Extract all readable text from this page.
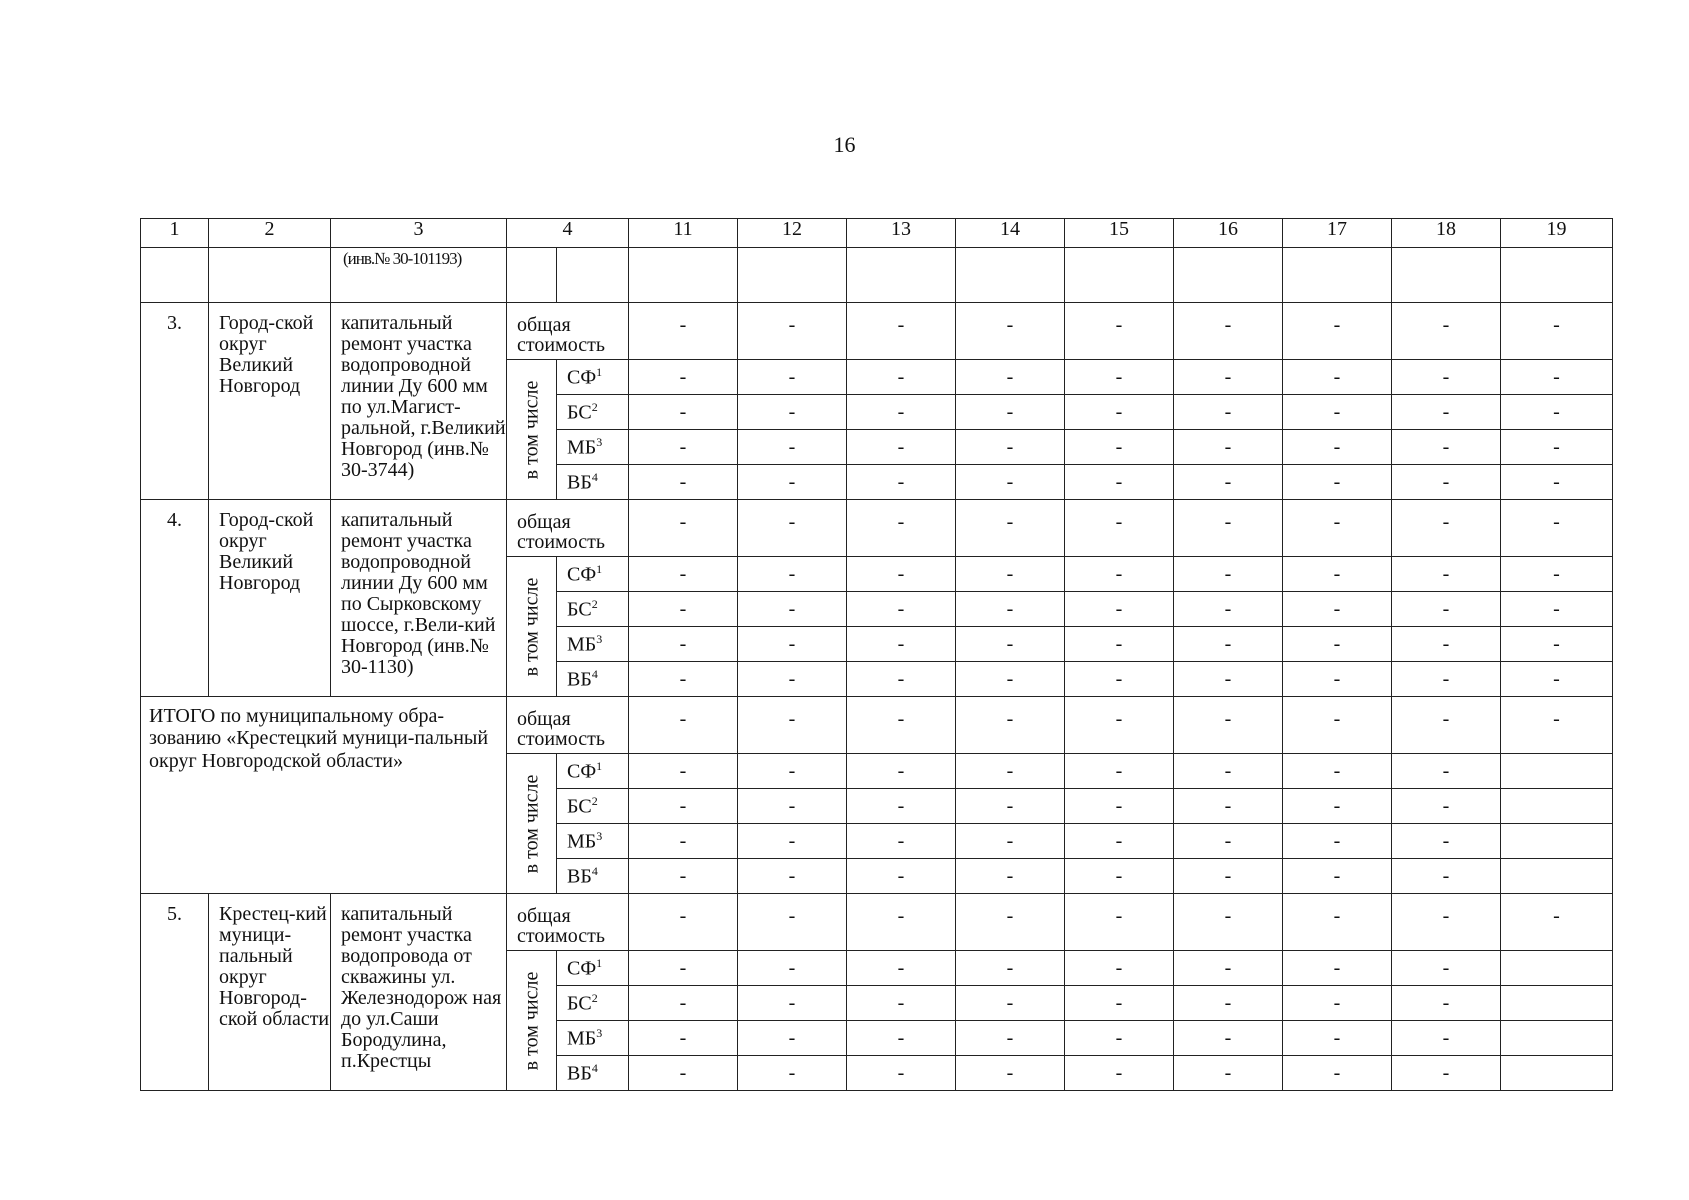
16
1	2	3	4		11	12	13	14	15	16	17	18	19
		(инв.№ 30-101193)											
3.	Город-ской округ Великий Новгород	капитальный ремонт участка водопроводной линии Ду 600 мм по ул.Магист-ральной, г.Великий Новгород (инв.№ 30-3744)	общая стоимость		-	-	-	-	-	-	-	-	-

			в том числе	$СФ^1$	-	-	-	-	-	-	-	-	-
				$БС^2$	-	-	-	-	-	-	-	-	-
				$МБ^3$	-	-	-	-	-	-	-	-	-
				$ВБ^4$	-	-	-	-	-	-	-	-	-
4.	Город-ской округ Великий Новгород	капитальный ремонт участка водопроводной линии Ду 600 мм по Сырковскому шоссе, г.Вели-кий Новгород (инв.№ 30-1130)	общая стоимость		-	-	-	-	-	-	-	-	-

			в том числе	$СФ^1$	-	-	-	-	-	-	-	-	-
				$БС^2$	-	-	-	-	-	-	-	-	-
				$МБ^3$	-	-	-	-	-	-	-	-	-
				$ВБ^4$	-	-	-	-	-	-	-	-	-
ИТОГО по муниципальному обра-зованию «Крестецкий муници-пальный округ Новгородской области»			общая стоимость		-	-	-	-	-	-	-	-	-

			в том числе	$СФ^1$	-	-	-	-	-	-	-	-	
				$БС^2$	-	-	-	-	-	-	-	-	
				$МБ^3$	-	-	-	-	-	-	-	-	
				$ВБ^4$	-	-	-	-	-	-	-	-	
5.	Крестец-кий муници-пальный округ Новгород-ской области	капитальный ремонт участка водопровода от скважины ул. Железнодорож ная до ул.Саши Бородулина, п.Крестцы	общая стоимость		-	-	-	-	-	-	-	-	-

			в том числе	$СФ^1$	-	-	-	-	-	-	-	-	
				$БС^2$	-	-	-	-	-	-	-	-	
				$МБ^3$	-	-	-	-	-	-	-	-	
				$ВБ^4$	-	-	-	-	-	-	-	-	
